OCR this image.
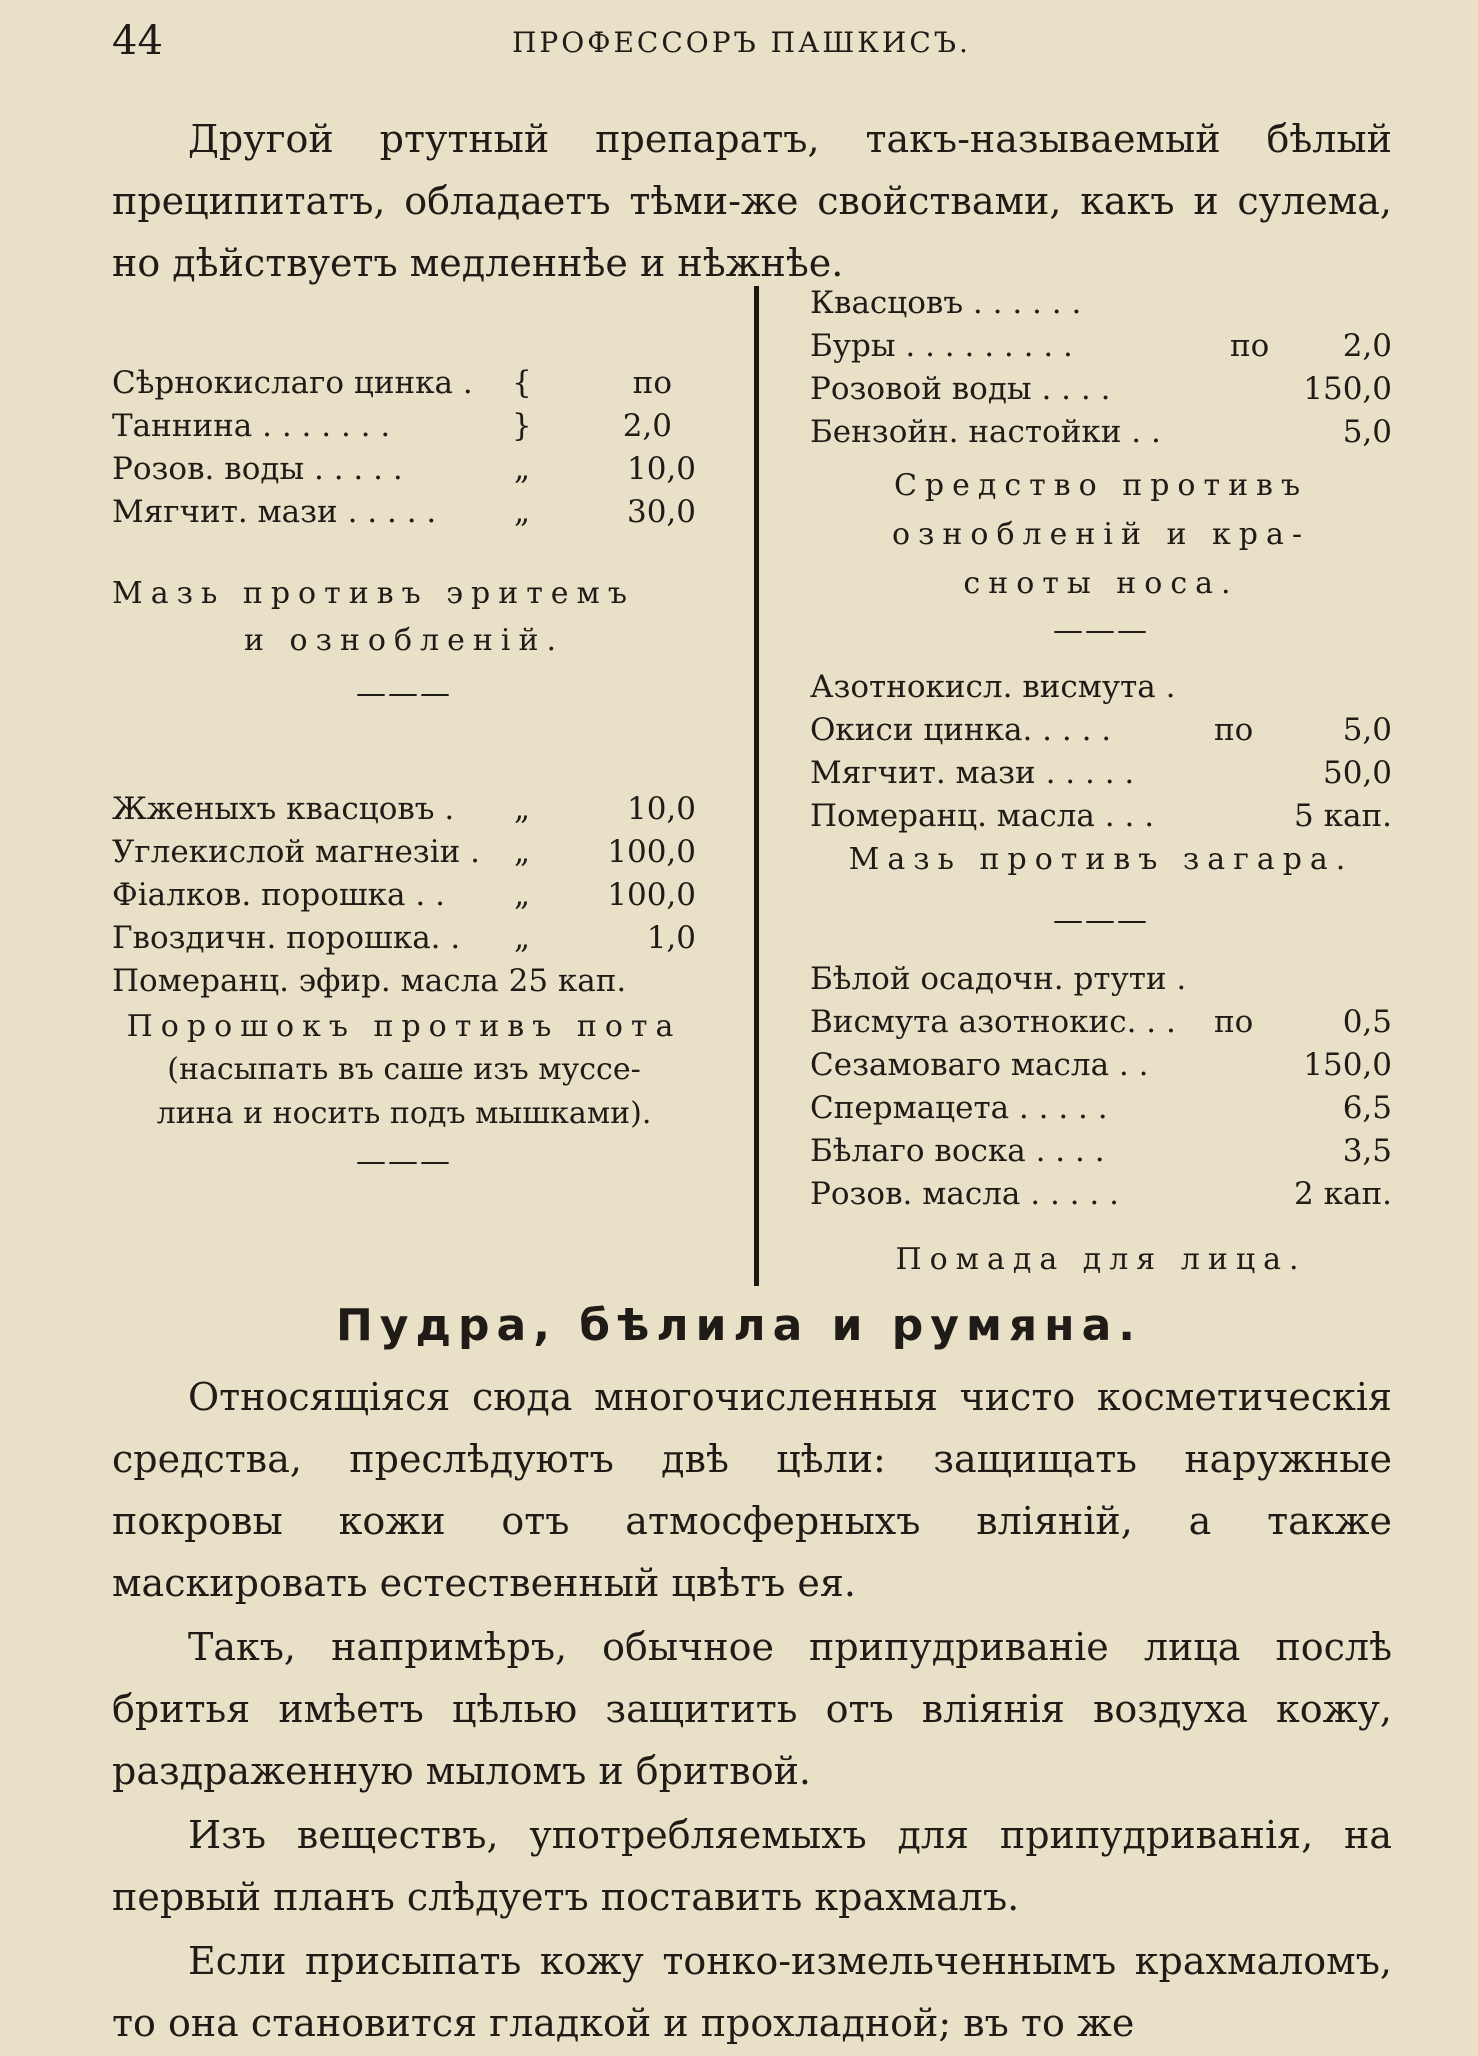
44	ПРОФЕССОРЪ ПАШКИСЪ.

Другой ртутный препаратъ, такъ-называемый бѣлый преципитатъ, обладаетъ тѣми-же свойствами, какъ и сулема, но дѣйствуетъ медленнѣе и нѣжнѣе.

Сѣрнокислаго цинка . {	по
Таннина . . . . . . .	}	2,0
Розов. воды . . . . .	„	10,0
Мягчит. мази . . . . .	„	30,0
Мазь противъ эритемъ
и ознобленій.
———
Жженыхъ квасцовъ . „	10,0
Углекислой магнезіи . „ 100,0
Фіалков. порошка . . „ 100,0
Гвоздичн. порошка. . „	1,0
Померанц. эфир. масла 25 кап.
Порошокъ противъ пота
(насыпать въ саше изъ муссе-
лина и носить подъ мышками).
———
Квасцовъ . . . . . .
Буры . . . . . . . . .	по 2,0
Розовой воды . . . .	150,0
Бензойн. настойки . .	5,0
Средство противъ
ознобленій и кра-
сноты носа.
———
Азотнокисл. висмута .
Окиси цинка. . . . .	по	5,0
Мягчит. мази . . . . .	50,0
Померанц. масла . . .	5 кап.
Мазь противъ загара.
———
Бѣлой осадочн. ртути .
Висмута азотнокис. . . по	0,5
Сезамоваго масла . .	150,0
Спермацета . . . . .	6,5
Бѣлаго воска . . . .	3,5
Розов. масла . . . . .	2 кап.
Помада для лица.
Пудра, бѣлила и румяна.

Относящіяся сюда многочисленныя чисто косметическія средства, преслѣдуютъ двѣ цѣли: защищать наружные покровы кожи отъ атмосферныхъ вліяній, а также маскировать естественный цвѣтъ ея.

Такъ, напримѣръ, обычное припудриваніе лица послѣ бритья имѣетъ цѣлью защитить отъ вліянія воздуха кожу, раздраженную мыломъ и бритвой.

Изъ веществъ, употребляемыхъ для припудриванія, на первый планъ слѣдуетъ поставить крахмалъ.

Если присыпать кожу тонко-измельченнымъ крахмаломъ, то она становится гладкой и прохладной; въ то же
